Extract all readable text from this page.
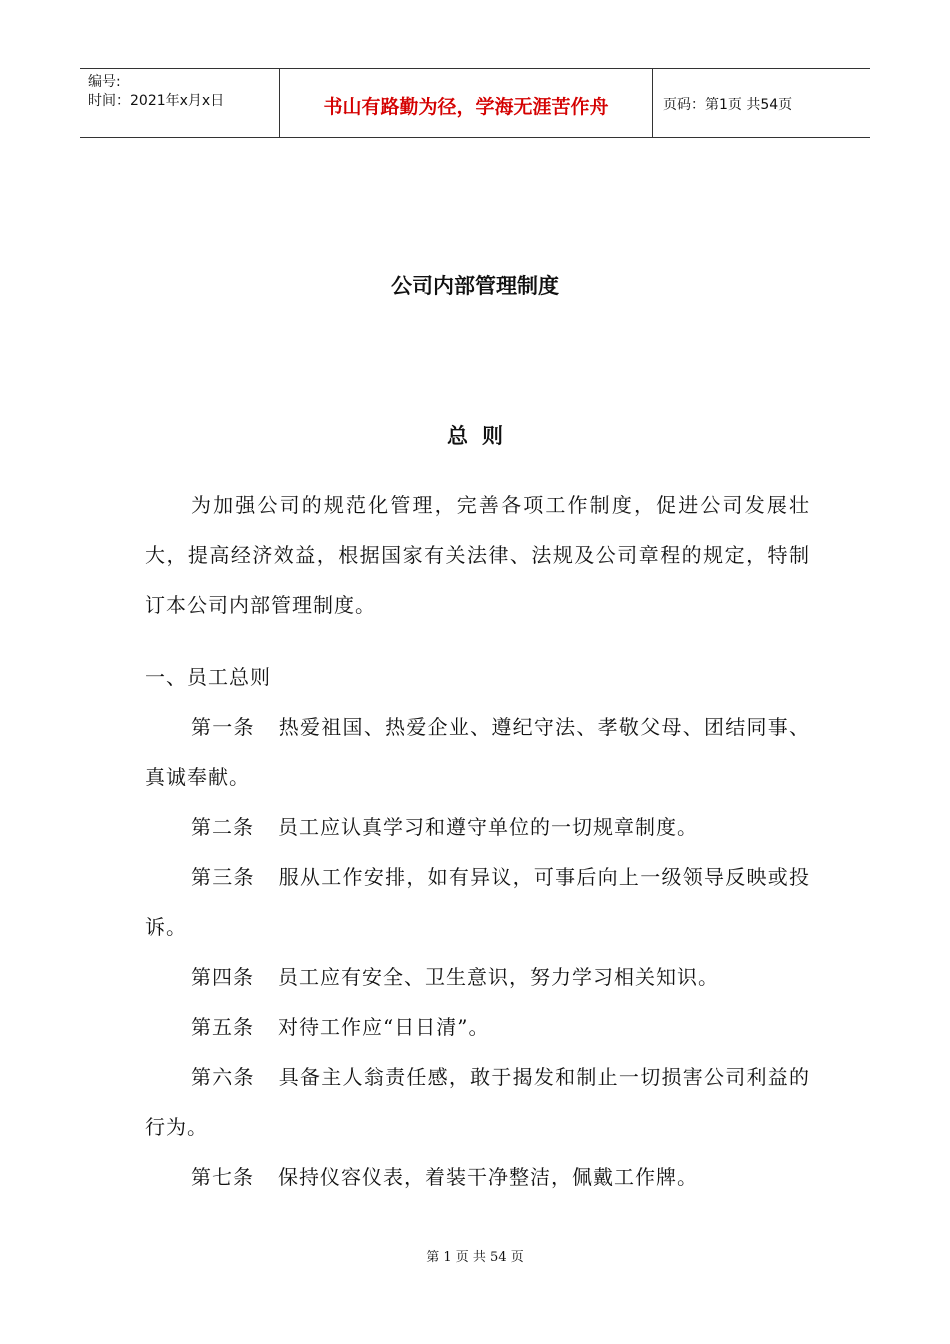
编号:
时间：2021年x月x日	书山有路勤为径，学海无涯苦作舟	页码：第1页 共54页
公司内部管理制度
总则

为加强公司的规范化管理，完善各项工作制度，促进公司发展壮大，提高经济效益，根据国家有关法律、法规及公司章程的规定，特制订本公司内部管理制度。

一、员工总则

第一条 热爱祖国、热爱企业、遵纪守法、孝敬父母、团结同事、真诚奉献。

第二条 员工应认真学习和遵守单位的一切规章制度。

第三条 服从工作安排，如有异议，可事后向上一级领导反映或投诉。

第四条 员工应有安全、卫生意识，努力学习相关知识。

第五条 对待工作应“日日清”。

第六条 具备主人翁责任感，敢于揭发和制止一切损害公司利益的行为。

第七条 保持仪容仪表，着装干净整洁，佩戴工作牌。

第 1 页 共 54 页
